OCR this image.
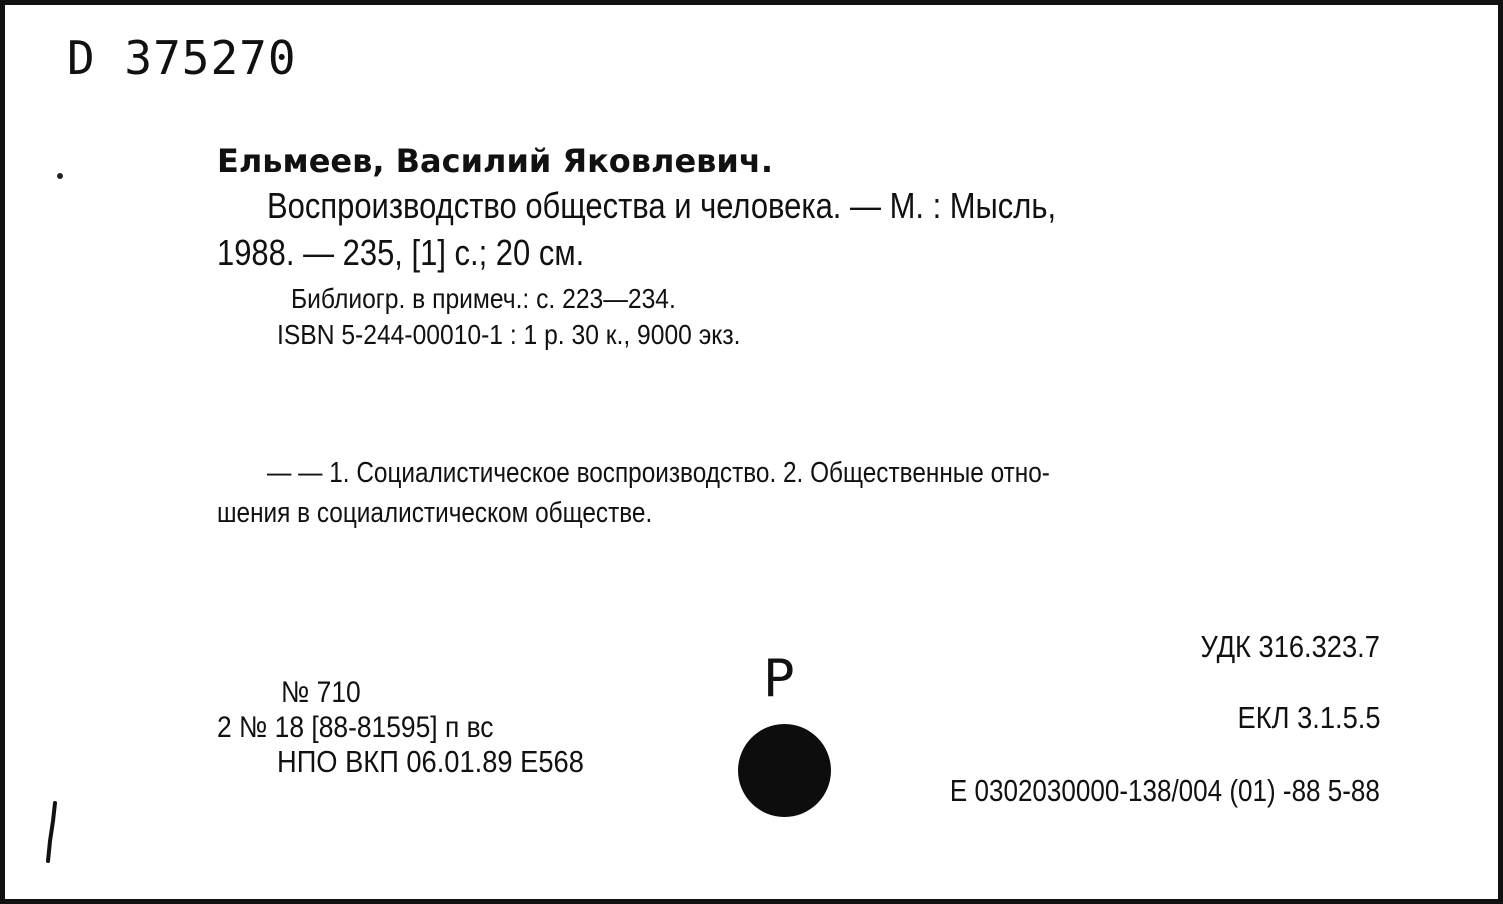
D 375270
Ельмеев, Василий Яковлевич.
Воспроизводство общества и человека. — М. : Мысль,
1988. — 235, [1] с.; 20 см.
Библиогр. в примеч.: с. 223—234.
ISBN 5-244-00010-1 : 1 р. 30 к., 9000 экз.
— — 1. Социалистическое воспроизводство. 2. Общественные отно-
шения в социалистическом обществе.
УДК 316.323.7
ЕКЛ 3.1.5.5
Е 0302030000-138/004 (01) -88 5-88
№ 710
2 № 18 [88-81595] п вс
НПО ВКП 06.01.89 Е568
Р
